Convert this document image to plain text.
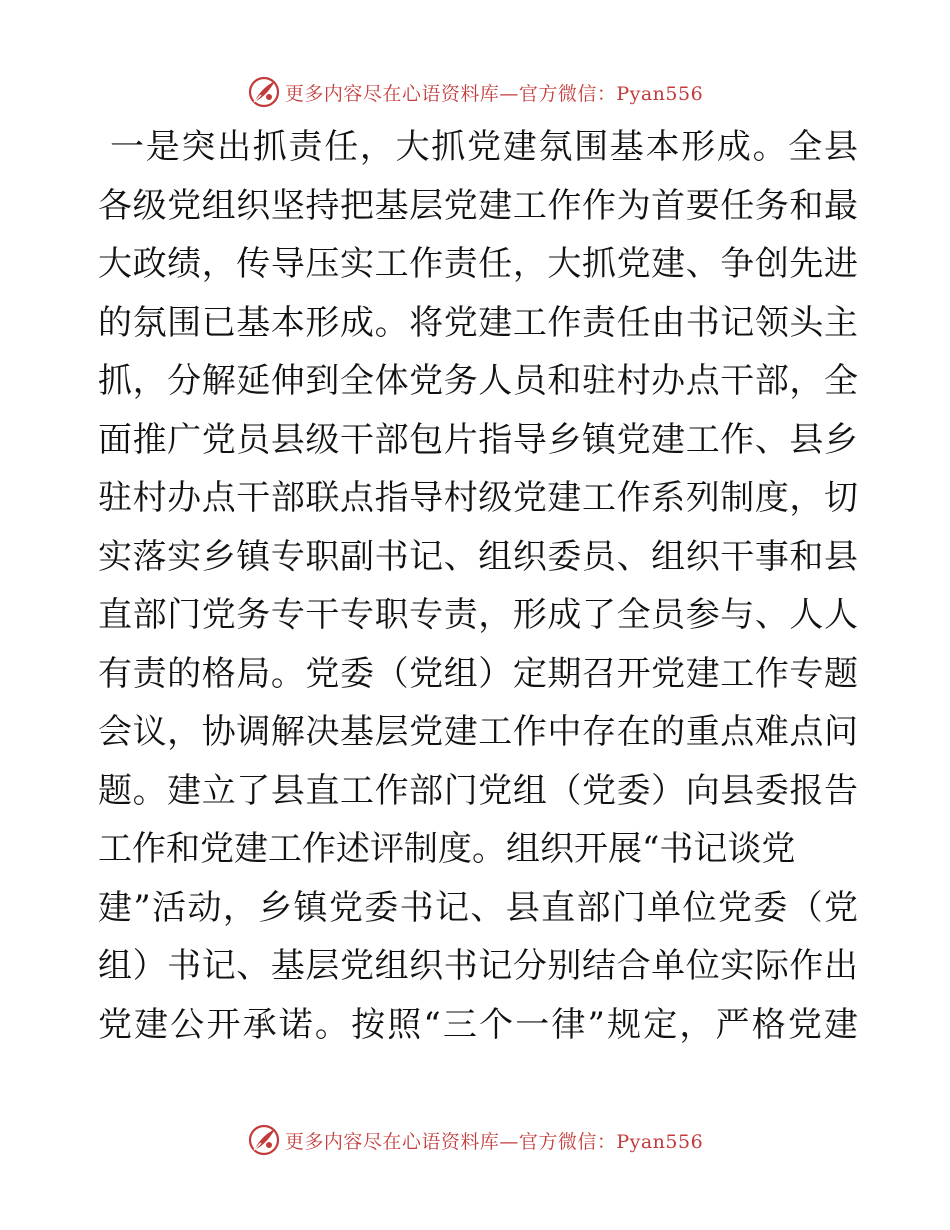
更多内容尽在心语资料库—官方微信：Pyan556
一是突出抓责任，大抓党建氛围基本形成。全县
各级党组织坚持把基层党建工作作为首要任务和最
大政绩，传导压实工作责任，大抓党建、争创先进
的氛围已基本形成。将党建工作责任由书记领头主
抓，分解延伸到全体党务人员和驻村办点干部，全
面推广党员县级干部包片指导乡镇党建工作、县乡
驻村办点干部联点指导村级党建工作系列制度，切
实落实乡镇专职副书记、组织委员、组织干事和县
直部门党务专干专职专责，形成了全员参与、人人
有责的格局。党委（党组）定期召开党建工作专题
会议，协调解决基层党建工作中存在的重点难点问
题。建立了县直工作部门党组（党委）向县委报告
工作和党建工作述评制度。组织开展“书记谈党
建”活动，乡镇党委书记、县直部门单位党委（党
组）书记、基层党组织书记分别结合单位实际作出
党建公开承诺。按照“三个一律”规定，严格党建
更多内容尽在心语资料库—官方微信：Pyan556
